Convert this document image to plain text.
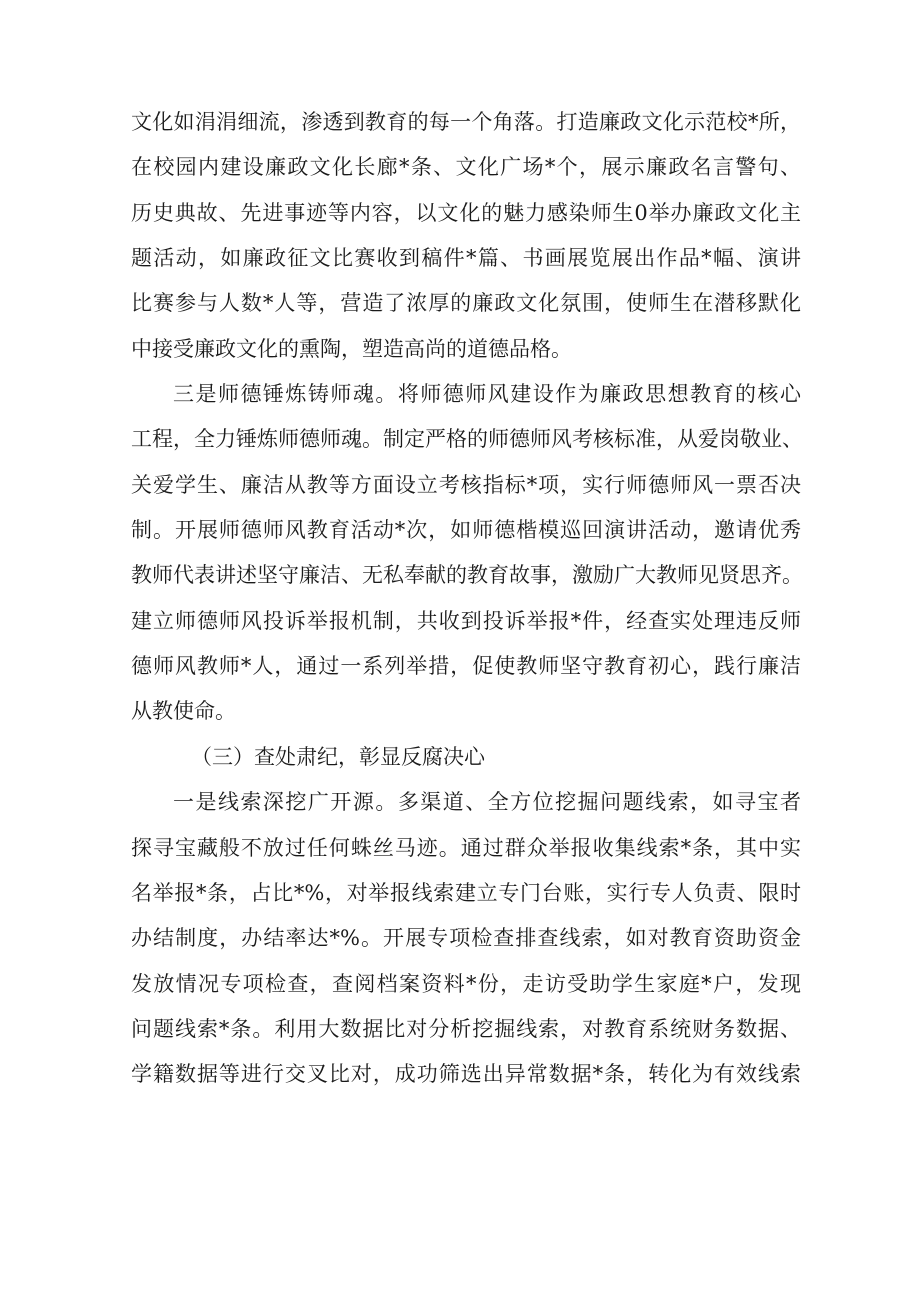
文化如涓涓细流，渗透到教育的每一个角落。打造廉政文化示范校*所，
在校园内建设廉政文化长廊*条、文化广场*个，展示廉政名言警句、
历史典故、先进事迹等内容，以文化的魅力感染师生0举办廉政文化主
题活动，如廉政征文比赛收到稿件*篇、书画展览展出作品*幅、演讲
比赛参与人数*人等，营造了浓厚的廉政文化氛围，使师生在潜移默化
中接受廉政文化的熏陶，塑造高尚的道德品格。
三是师德锤炼铸师魂。将师德师风建设作为廉政思想教育的核心
工程，全力锤炼师德师魂。制定严格的师德师风考核标准，从爱岗敬业、
关爱学生、廉洁从教等方面设立考核指标*项，实行师德师风一票否决
制。开展师德师风教育活动*次，如师德楷模巡回演讲活动，邀请优秀
教师代表讲述坚守廉洁、无私奉献的教育故事，激励广大教师见贤思齐。
建立师德师风投诉举报机制，共收到投诉举报*件，经查实处理违反师
德师风教师*人，通过一系列举措，促使教师坚守教育初心，践行廉洁
从教使命。
（三）查处肃纪，彰显反腐决心
一是线索深挖广开源。多渠道、全方位挖掘问题线索，如寻宝者
探寻宝藏般不放过任何蛛丝马迹。通过群众举报收集线索*条，其中实
名举报*条，占比*%，对举报线索建立专门台账，实行专人负责、限时
办结制度，办结率达*%。开展专项检查排查线索，如对教育资助资金
发放情况专项检查，查阅档案资料*份，走访受助学生家庭*户，发现
问题线索*条。利用大数据比对分析挖掘线索，对教育系统财务数据、
学籍数据等进行交叉比对，成功筛选出异常数据*条，转化为有效线索
